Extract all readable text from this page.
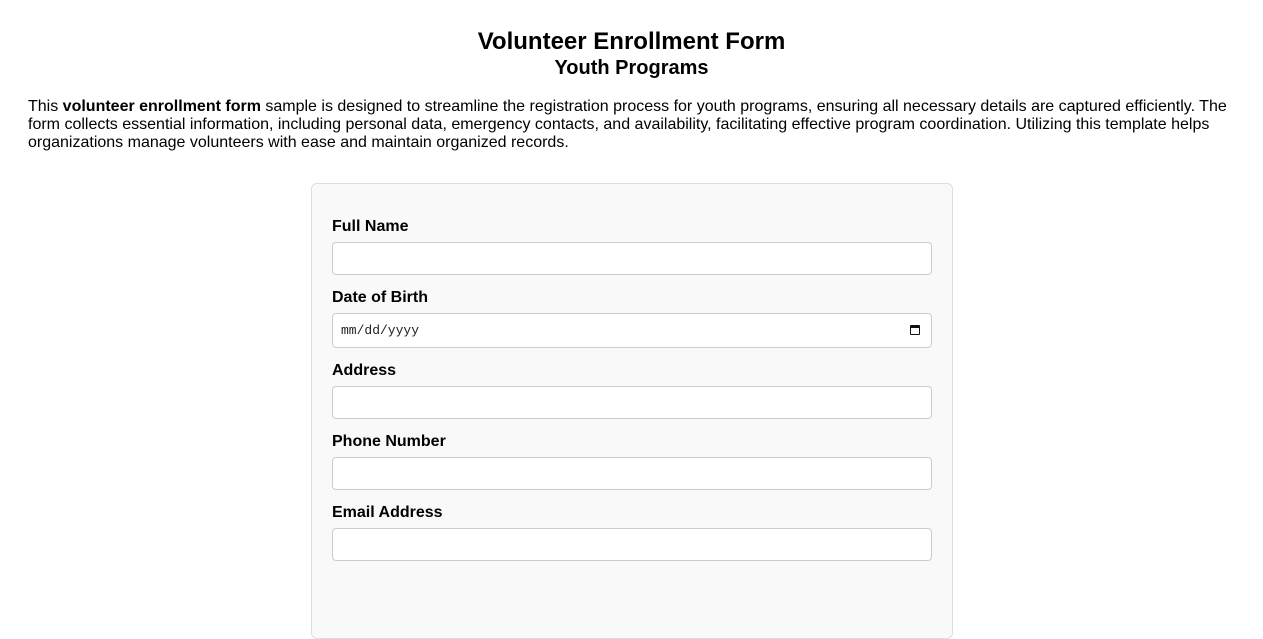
Volunteer Enrollment Form
Youth Programs

This volunteer enrollment form sample is designed to streamline the registration process for youth programs, ensuring all necessary details are captured efficiently. The form collects essential information, including personal data, emergency contacts, and availability, facilitating effective program coordination. Utilizing this template helps organizations manage volunteers with ease and maintain organized records.

Full Name
Date of Birth
mm/dd/yyyy
Address
Phone Number
Email Address
